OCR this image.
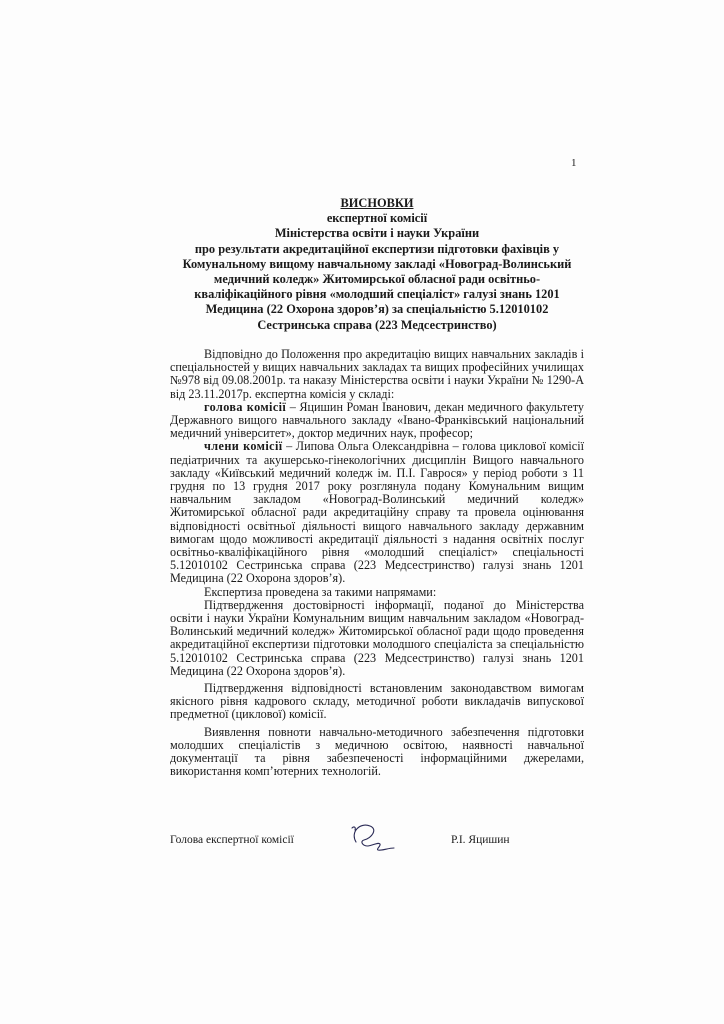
1
ВИСНОВКИ
експертної комісії
Міністерства освіти і науки України
про результати акредитаційної експертизи підготовки фахівців у
Комунальному вищому навчальному закладі «Новоград-Волинський
медичний коледж» Житомирської обласної ради освітньо-
кваліфікаційного рівня «молодший спеціаліст» галузі знань 1201
Медицина (22 Охорона здоров’я) за спеціальністю 5.12010102
Сестринська справа (223 Медсестринство)

Відповідно до Положення про акредитацію вищих навчальних закладів і спеціальностей у вищих навчальних закладах та вищих професійних училищах №978 від 09.08.2001р. та наказу Міністерства освіти і науки України № 1290-А від 23.11.2017р. експертна комісія у складі:

голова комісії – Яцишин Роман Іванович, декан медичного факультету Державного вищого навчального закладу «Івано-Франківський національний медичний університет», доктор медичних наук, професор;

члени комісії – Липова Ольга Олександрівна – голова циклової комісії педіатричних та акушерсько-гінекологічних дисциплін Вищого навчального закладу «Київський медичний коледж ім. П.І. Гаврося» у період роботи з 11 грудня по 13 грудня 2017 року розглянула подану Комунальним вищим навчальним закладом «Новоград-Волинський медичний коледж» Житомирської обласної ради акредитаційну справу та провела оцінювання відповідності освітньої діяльності вищого навчального закладу державним вимогам щодо можливості акредитації діяльності з надання освітніх послуг освітньо-кваліфікаційного рівня «молодший спеціаліст» спеціальності 5.12010102 Сестринська справа (223 Медсестринство) галузі знань 1201 Медицина (22 Охорона здоров’я).

Експертиза проведена за такими напрямами:

Підтвердження достовірності інформації, поданої до Міністерства освіти і науки України Комунальним вищим навчальним закладом «Новоград-Волинський медичний коледж» Житомирської обласної ради щодо проведення акредитаційної експертизи підготовки молодшого спеціаліста за спеціальністю 5.12010102 Сестринська справа (223 Медсестринство) галузі знань 1201 Медицина (22 Охорона здоров’я).

Підтвердження відповідності встановленим законодавством вимогам якісного рівня кадрового складу, методичної роботи викладачів випускової предметної (циклової) комісії.

Виявлення повноти навчально-методичного забезпечення підготовки молодших спеціалістів з медичною освітою, наявності навчальної документації та рівня забезпеченості інформаційними джерелами, використання комп’ютерних технологій.

Голова експертної комісії	Р.І. Яцишин
